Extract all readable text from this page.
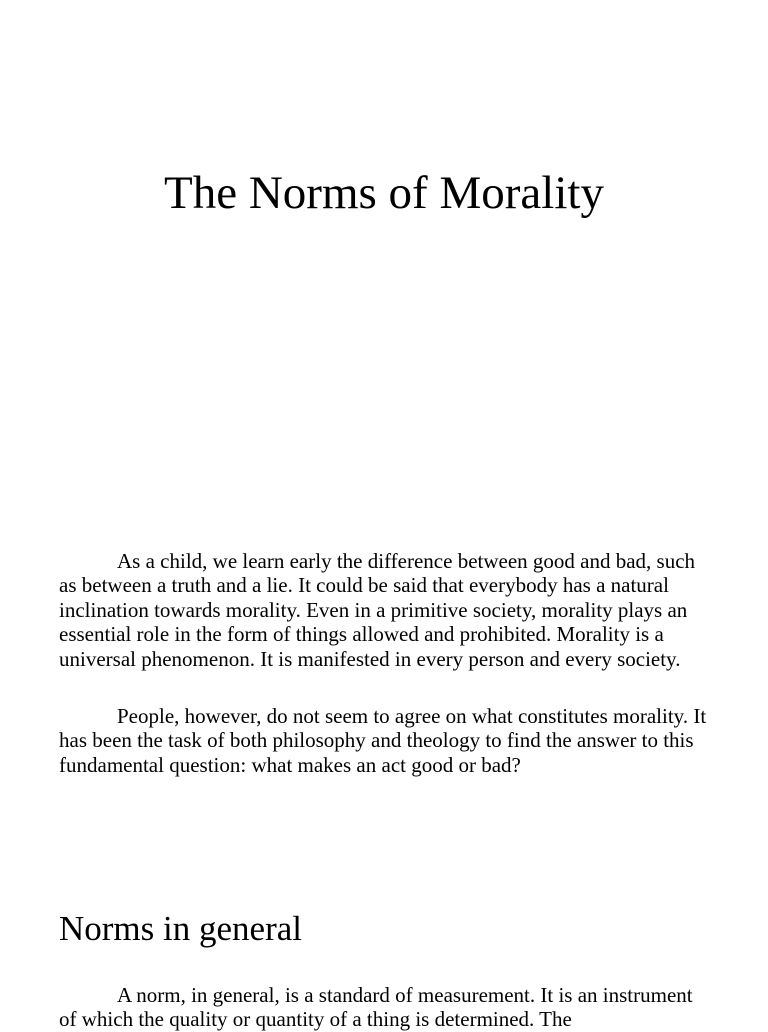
The Norms of Morality

As a child, we learn early the difference between good and bad, such as between a truth and a lie. It could be said that everybody has a natural inclination towards morality. Even in a primitive society, morality plays an essential role in the form of things allowed and prohibited. Morality is a universal phenomenon. It is manifested in every person and every society.

People, however, do not seem to agree on what constitutes morality. It has been the task of both philosophy and theology to find the answer to this fundamental question: what makes an act good or bad?

Norms in general

A norm, in general, is a standard of measurement. It is an instrument of which the quality or quantity of a thing is determined. The
